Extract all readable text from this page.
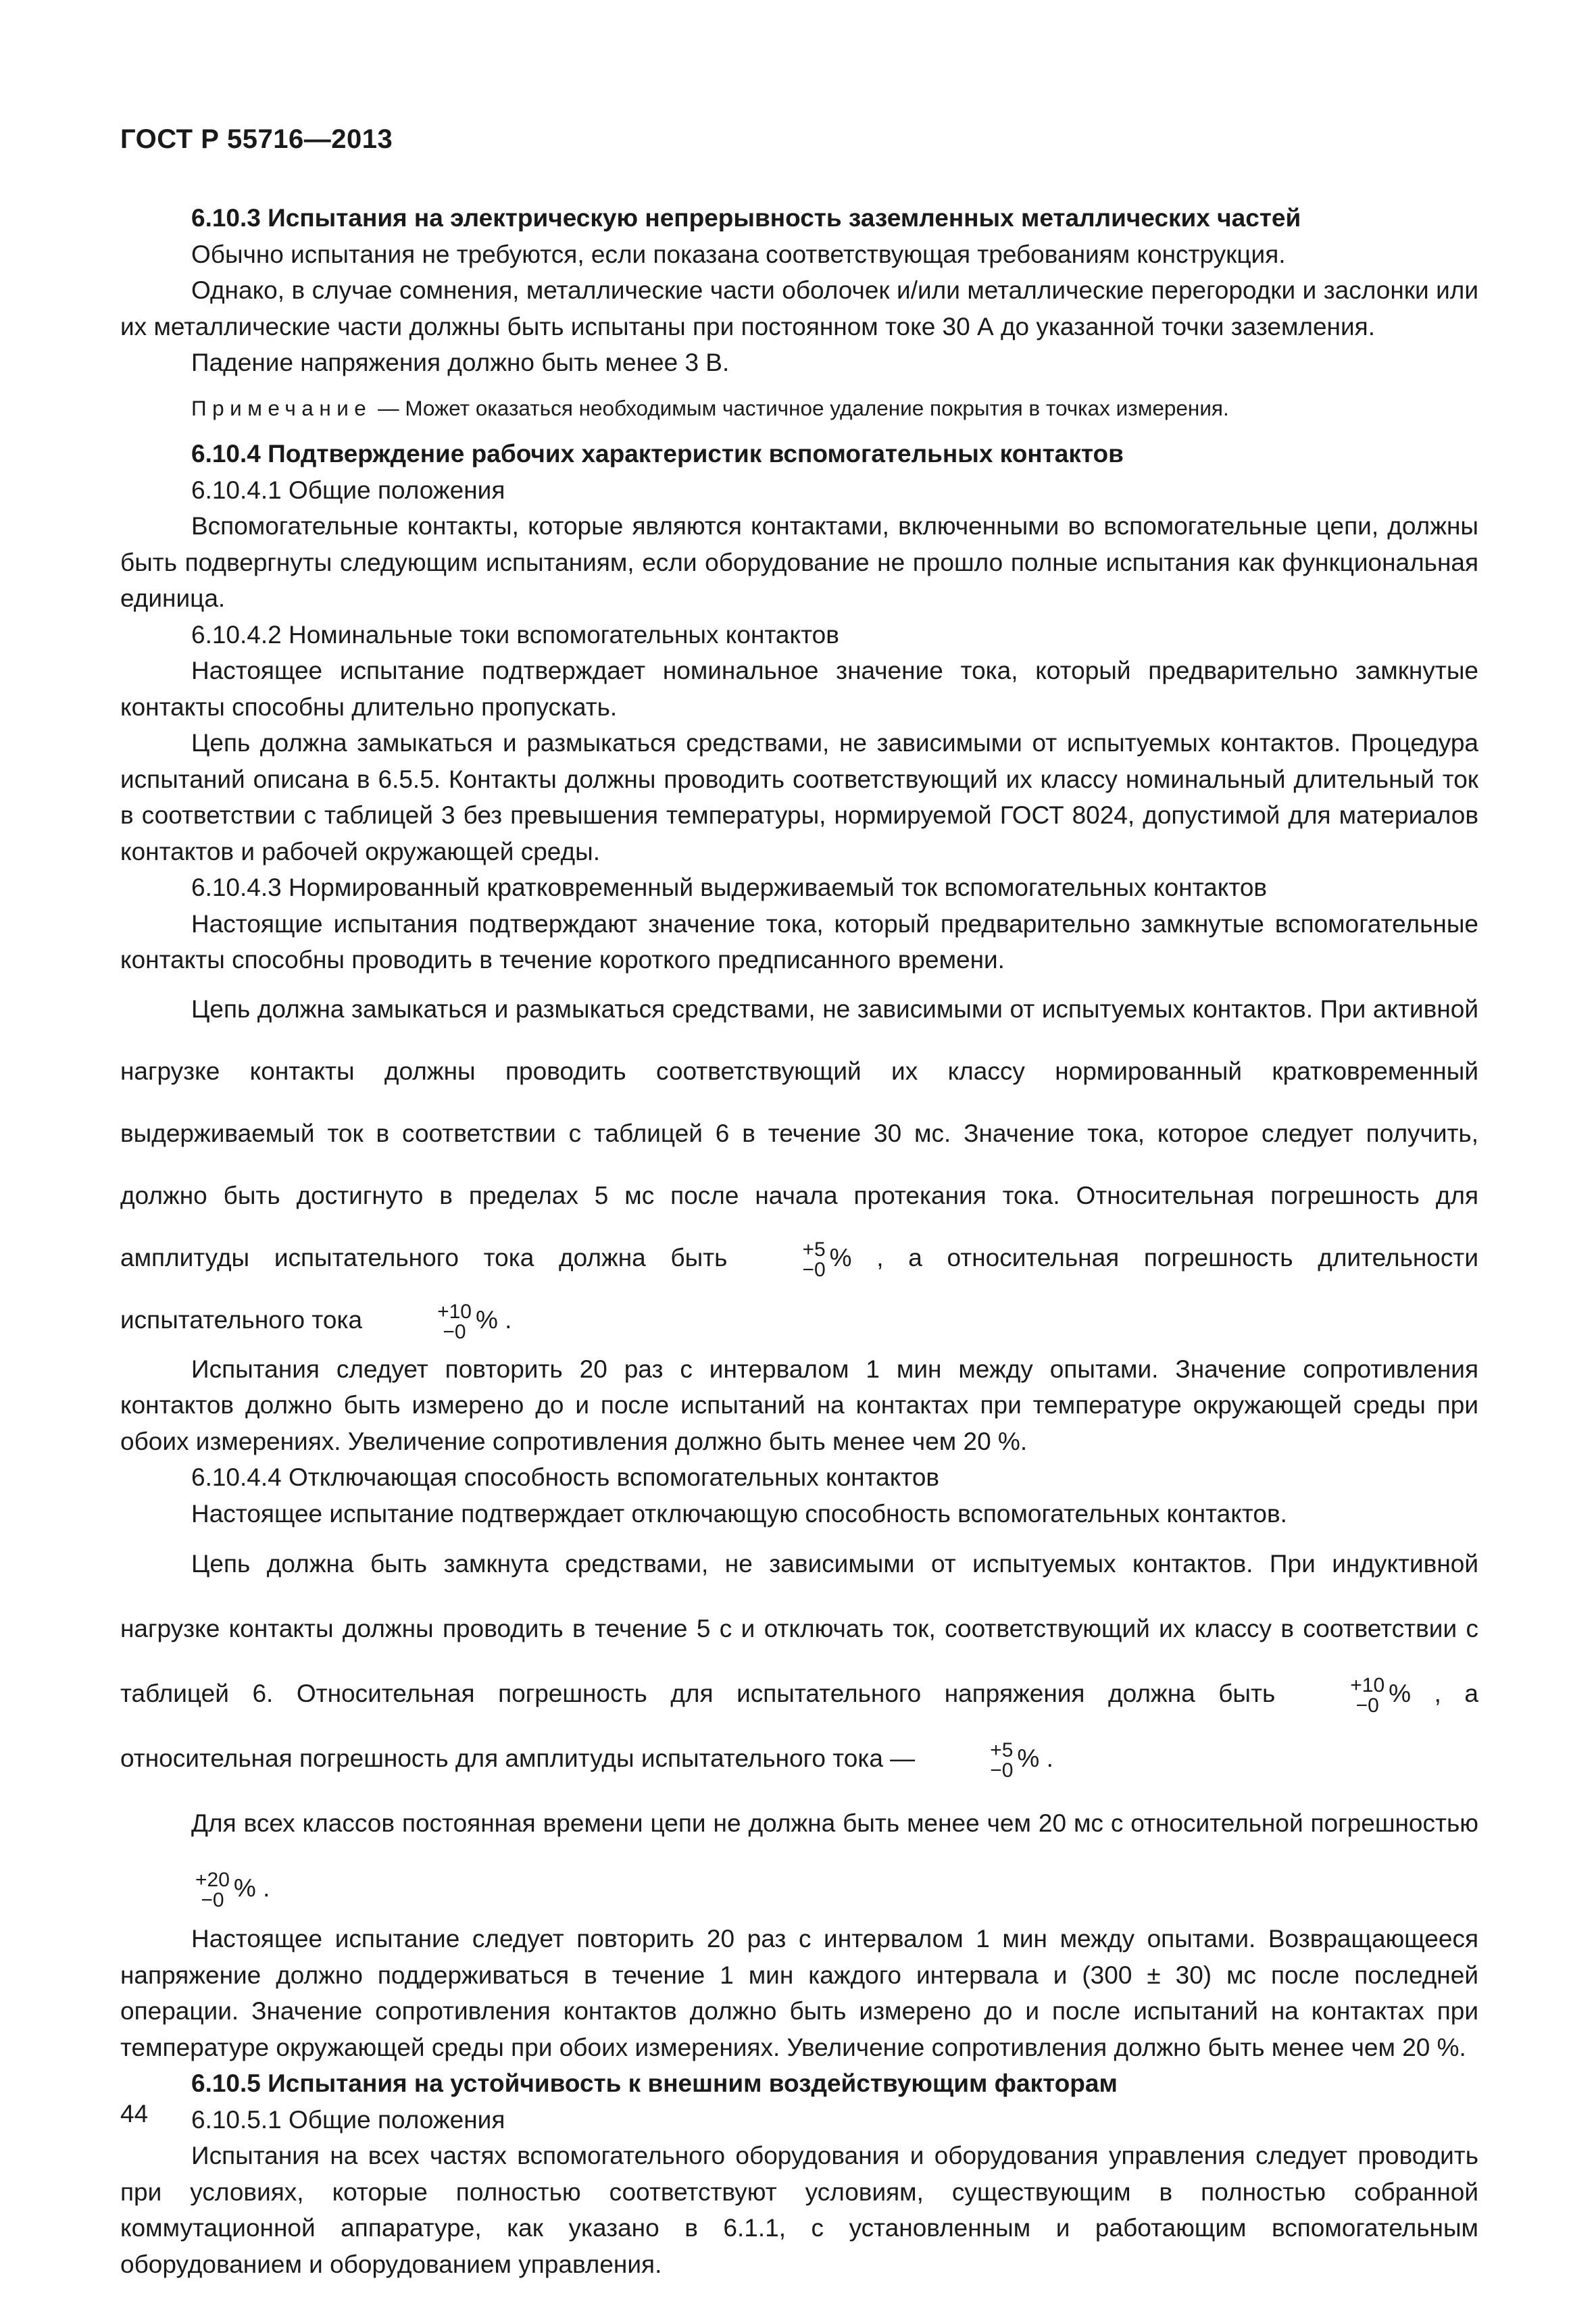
ГОСТ Р 55716—2013

6.10.3 Испытания на электрическую непрерывность заземленных металлических частей

Обычно испытания не требуются, если показана соответствующая требованиям конструкция.

Однако, в случае сомнения, металлические части оболочек и/или металлические перегородки и заслонки или их металлические части должны быть испытаны при постоянном токе 30 А до указанной точки заземления.

Падение напряжения должно быть менее 3 В.

Примечание — Может оказаться необходимым частичное удаление покрытия в точках измерения.

6.10.4 Подтверждение рабочих характеристик вспомогательных контактов

6.10.4.1 Общие положения

Вспомогательные контакты, которые являются контактами, включенными во вспомогательные цепи, должны быть подвергнуты следующим испытаниям, если оборудование не прошло полные испытания как функциональная единица.

6.10.4.2 Номинальные токи вспомогательных контактов

Настоящее испытание подтверждает номинальное значение тока, который предварительно замкнутые контакты способны длительно пропускать.

Цепь должна замыкаться и размыкаться средствами, не зависимыми от испытуемых контактов. Процедура испытаний описана в 6.5.5. Контакты должны проводить соответствующий их классу номинальный длительный ток в соответствии с таблицей 3 без превышения температуры, нормируемой ГОСТ 8024, допустимой для материалов контактов и рабочей окружающей среды.

6.10.4.3 Нормированный кратковременный выдерживаемый ток вспомогательных контактов

Настоящие испытания подтверждают значение тока, который предварительно замкнутые вспомогательные контакты способны проводить в течение короткого предписанного времени.

Цепь должна замыкаться и размыкаться средствами, не зависимыми от испытуемых контактов. При активной нагрузке контакты должны проводить соответствующий их классу нормированный кратковременный выдерживаемый ток в соответствии с таблицей 6 в течение 30 мс. Значение тока, которое следует получить, должно быть достигнуто в пределах 5 мс после начала протекания тока. Относительная погрешность для амплитуды испытательного тока должна быть	+5
−0 % , а относительная погрешность длительности испытательного тока	+10
−0 % .

Испытания следует повторить 20 раз с интервалом 1 мин между опытами. Значение сопротивления контактов должно быть измерено до и после испытаний на контактах при температуре окружающей среды при обоих измерениях. Увеличение сопротивления должно быть менее чем 20 %.

6.10.4.4 Отключающая способность вспомогательных контактов

Настоящее испытание подтверждает отключающую способность вспомогательных контактов.

Цепь должна быть замкнута средствами, не зависимыми от испытуемых контактов. При индуктивной нагрузке контакты должны проводить в течение 5 с и отключать ток, соответствующий их классу в соответствии с таблицей 6. Относительная погрешность для испытательного напряжения должна быть	+10
−0 % , а относительная погрешность для амплитуды испытательного тока —	+5
−0 % .

Для всех классов постоянная времени цепи не должна быть менее чем 20 мс с относительной погрешностью
+20
−0 % .

Настоящее испытание следует повторить 20 раз с интервалом 1 мин между опытами. Возвращающееся напряжение должно поддерживаться в течение 1 мин каждого интервала и (300 ± 30) мс после последней операции. Значение сопротивления контактов должно быть измерено до и после испытаний на контактах при температуре окружающей среды при обоих измерениях. Увеличение сопротивления должно быть менее чем 20 %.

6.10.5 Испытания на устойчивость к внешним воздействующим факторам

6.10.5.1 Общие положения

Испытания на всех частях вспомогательного оборудования и оборудования управления следует проводить при условиях, которые полностью соответствуют условиям, существующим в полностью собранной коммутационной аппаратуре, как указано в 6.1.1, с установленным и работающим вспомогательным оборудованием и оборудованием управления.

44
